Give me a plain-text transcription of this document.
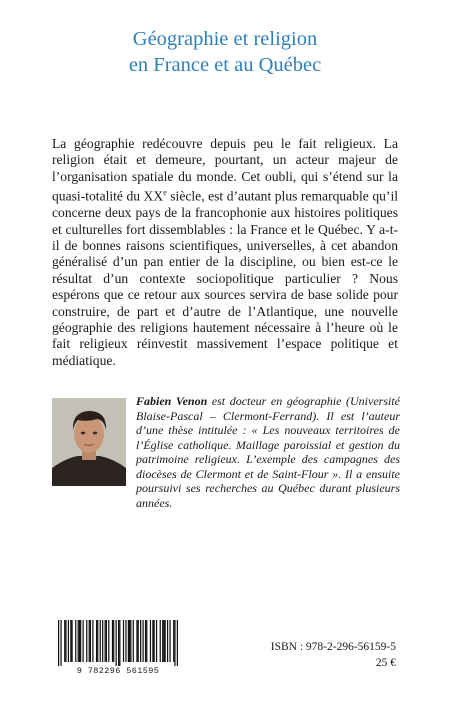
Géographie et religion
en France et au Québec

La géographie redécouvre depuis peu le fait religieux. La religion était et demeure, pourtant, un acteur majeur de l’organisation spatiale du monde. Cet oubli, qui s’étend sur la quasi-totalité du XXe siècle, est d’autant plus remarquable qu’il concerne deux pays de la francophonie aux histoires politiques et culturelles fort dissemblables : la France et le Québec. Y a-t-il de bonnes raisons scientifiques, universelles, à cet abandon généralisé d’un pan entier de la discipline, ou bien est-ce le résultat d’un contexte sociopolitique particulier ? Nous espérons que ce retour aux sources servira de base solide pour construire, de part et d’autre de l’Atlantique, une nouvelle géographie des religions hautement nécessaire à l’heure où le fait religieux réinvestit massivement l’espace politique et médiatique.

Fabien Venon est docteur en géographie (Université Blaise-Pascal – Clermont-Ferrand). Il est l’auteur d’une thèse intitulée : « Les nouveaux territoires de l’Église catholique. Maillage paroissial et gestion du patrimoine religieux. L’exemple des campagnes des diocèses de Clermont et de Saint-Flour ». Il a ensuite poursuivi ses recherches au Québec durant plusieurs années.

9 782296 561595
ISBN : 978-2-296-56159-5
25 €
